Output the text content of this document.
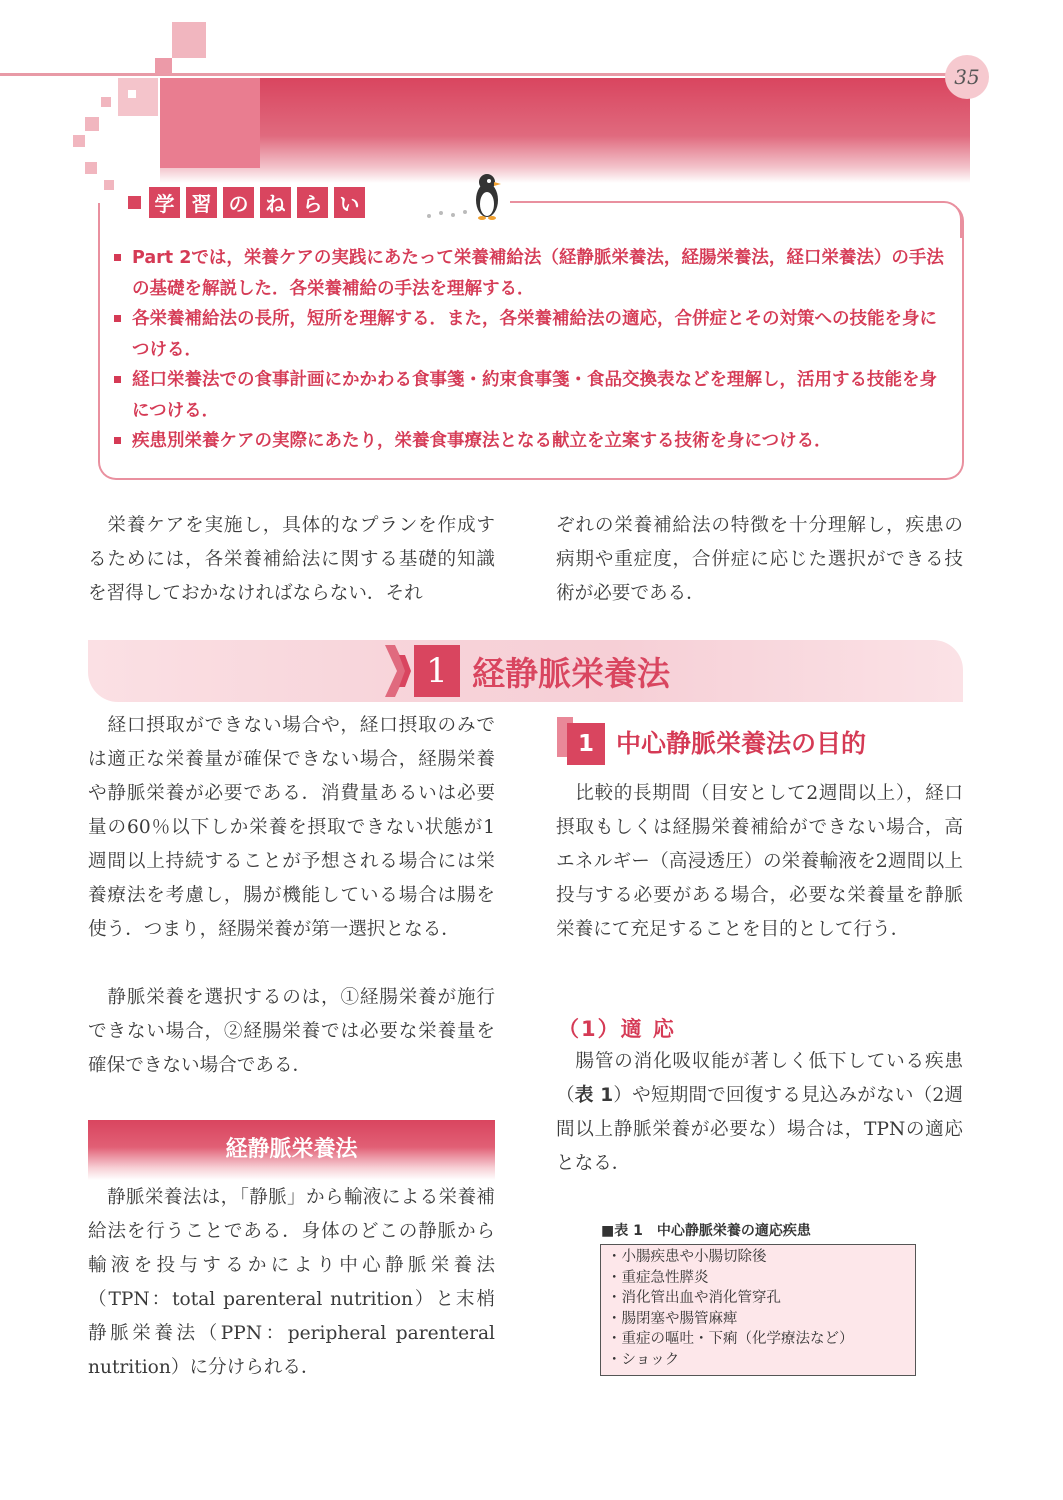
35
学 習 の ね ら い
Part 2では，栄養ケアの実践にあたって栄養補給法（経静脈栄養法，経腸栄養法，経口栄養法）の手法の基礎を解説した．各栄養補給の手法を理解する．
各栄養補給法の長所，短所を理解する．また，各栄養補給法の適応，合併症とその対策への技能を身につける．
経口栄養法での食事計画にかかわる食事箋・約束食事箋・食品交換表などを理解し，活用する技能を身につける．
疾患別栄養ケアの実際にあたり，栄養食事療法となる献立を立案する技術を身につける．

　栄養ケアを実施し，具体的なプランを作成するためには，各栄養補給法に関する基礎的知識を習得しておかなければならない．それ

ぞれの栄養補給法の特徴を十分理解し，疾患の病期や重症度，合併症に応じた選択ができる技術が必要である．

1 経静脈栄養法

　経口摂取ができない場合や，経口摂取のみでは適正な栄養量が確保できない場合，経腸栄養や静脈栄養が必要である．消費量あるいは必要量の60％以下しか栄養を摂取できない状態が1週間以上持続することが予想される場合には栄養療法を考慮し，腸が機能している場合は腸を使う．つまり，経腸栄養が第一選択となる．

　静脈栄養を選択するのは，①経腸栄養が施行できない場合，②経腸栄養では必要な栄養量を確保できない場合である．

経静脈栄養法

　静脈栄養法は，「静脈」から輸液による栄養補給法を行うことである．身体のどこの静脈から輸液を投与するかにより中心静脈栄養法（TPN：total parenteral nutrition）と末梢静脈栄養法（PPN：peripheral parenteral nutrition）に分けられる．

1 中心静脈栄養法の目的

　比較的長期間（目安として2週間以上），経口摂取もしくは経腸栄養補給ができない場合，高エネルギー（高浸透圧）の栄養輸液を2週間以上投与する必要がある場合，必要な栄養量を静脈栄養にて充足することを目的として行う．

（1）適 応

　腸管の消化吸収能が著しく低下している疾患（表 1）や短期間で回復する見込みがない（2週間以上静脈栄養が必要な）場合は，TPNの適応となる．

■表 1　中心静脈栄養の適応疾患
・小腸疾患や小腸切除後
・重症急性膵炎
・消化管出血や消化管穿孔
・腸閉塞や腸管麻痺
・重症の嘔吐・下痢（化学療法など）
・ショック
